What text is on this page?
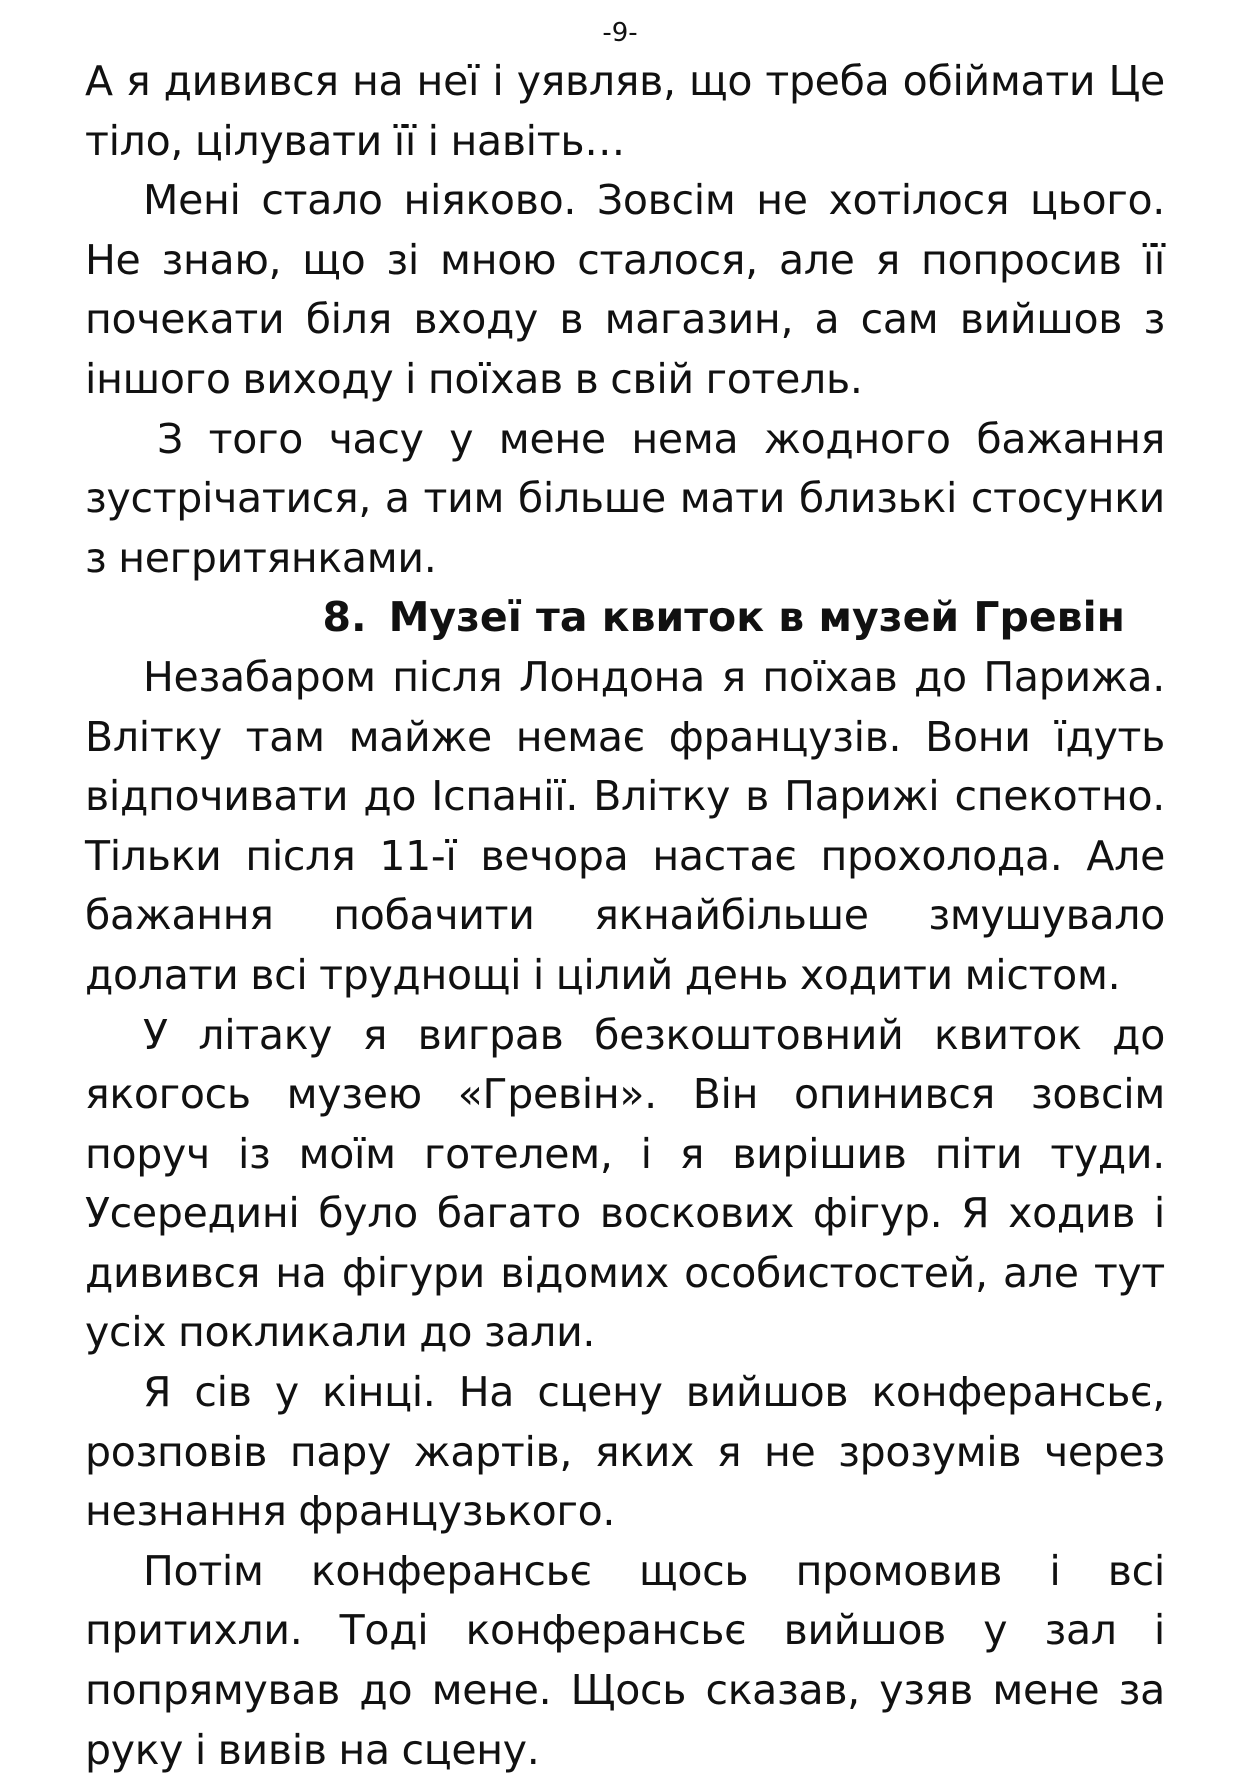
-9-

А я дивився на неї і уявляв, що треба обіймати Це тіло, цілувати її і навіть…

Мені стало ніяково. Зовсім не хотілося цього. Не знаю, що зі мною сталося, але я попросив її почекати біля входу в магазин, а сам вийшов з іншого виходу і поїхав в свій готель.

З того часу у мене нема жодного бажання зустрічатися, а тим більше мати близькі стосунки з негритянками.

8. Музеї та квиток в музей Гревін

Незабаром після Лондона я поїхав до Парижа. Влітку там майже немає французів. Вони їдуть відпочивати до Іспанії. Влітку в Парижі спекотно. Тільки після 11-ї вечора настає прохолода. Але бажання побачити якнайбільше змушувало долати всі труднощі і цілий день ходити містом.

У літаку я виграв безкоштовний квиток до якогось музею «Гревін». Він опинився зовсім поруч із моїм готелем, і я вирішив піти туди. Усередині було багато воскових фігур. Я ходив і дивився на фігури відомих особистостей, але тут усіх покликали до зали.

Я сів у кінці. На сцену вийшов конферансьє, розповів пару жартів, яких я не зрозумів через незнання французького.

Потім конферансьє щось промовив і всі притихли. Тоді конферансьє вийшов у зал і попрямував до мене. Щось сказав, узяв мене за руку і вивів на сцену.
